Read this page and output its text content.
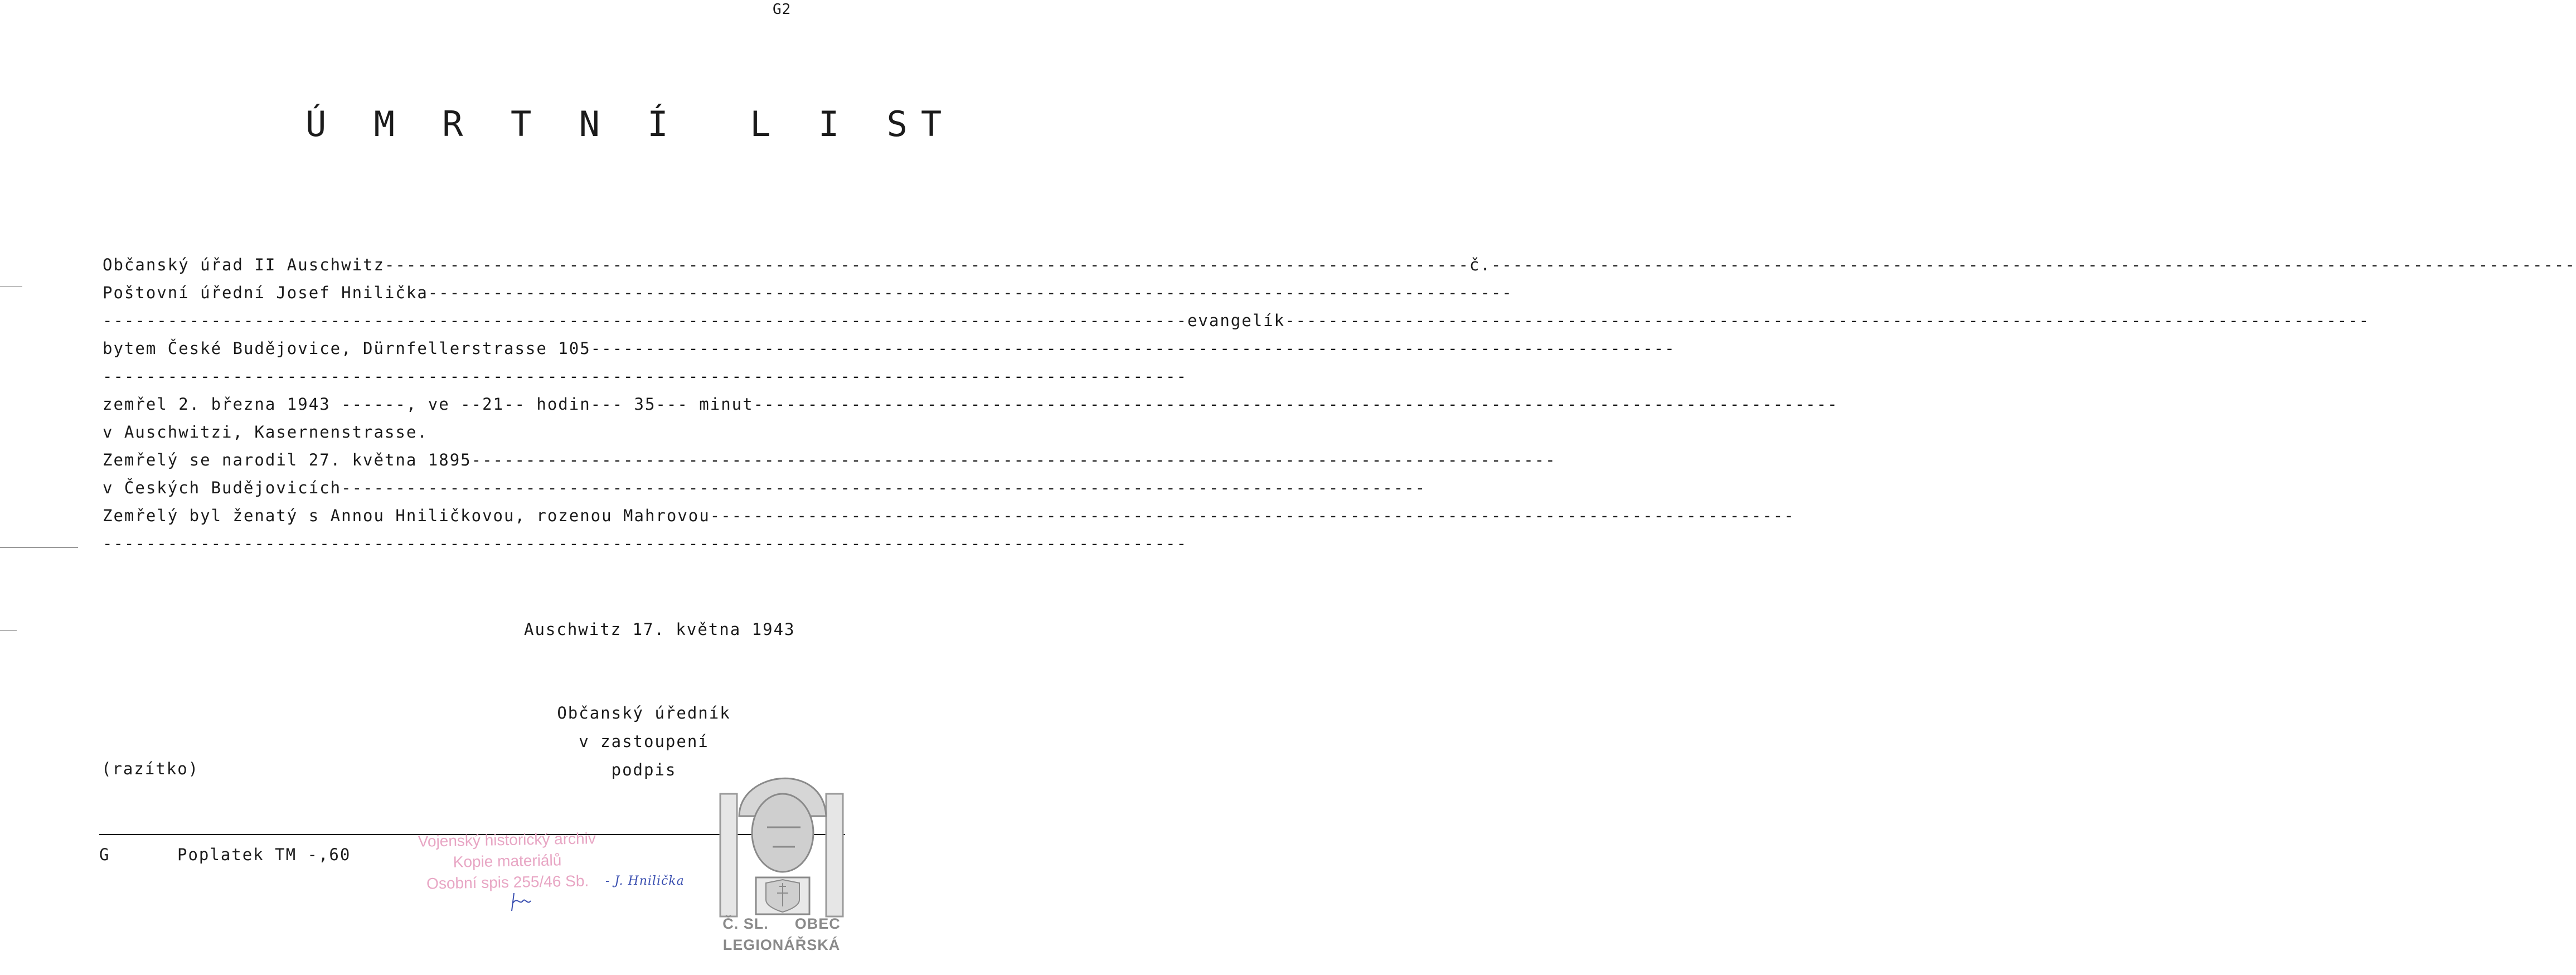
G2
Ú M R T N Í  L I ST
Občanský úřad II Auschwitz
-----	č.
-----
Poštovní úřední Josef Hnilička
-----
-----
evangelík
-----
bytem České Budějovice, Dürnfellerstrasse 105
-----
-----
zemřel 2. března 1943 ------, ve --21-- hodin--- 35--- minut
-----
v Auschwitzi, Kasernenstrasse.
Zemřelý se narodil 27. května 1895
-----
v Českých Budějovicích
-----
Zemřelý byl ženatý s Annou Hniličkovou, rozenou Mahrovou
-----
-----
Auschwitz 17. května 1943
Občanský úředník
v zastoupení
podpis
(razítko)
G	Poplatek TM -,60
Vojenský historický archiv
Kopie materiálů
Osobní spis 255/46 Sb.	- J. Hnilička
Č. SL. OBEC
LEGIONÁŘSKÁ
